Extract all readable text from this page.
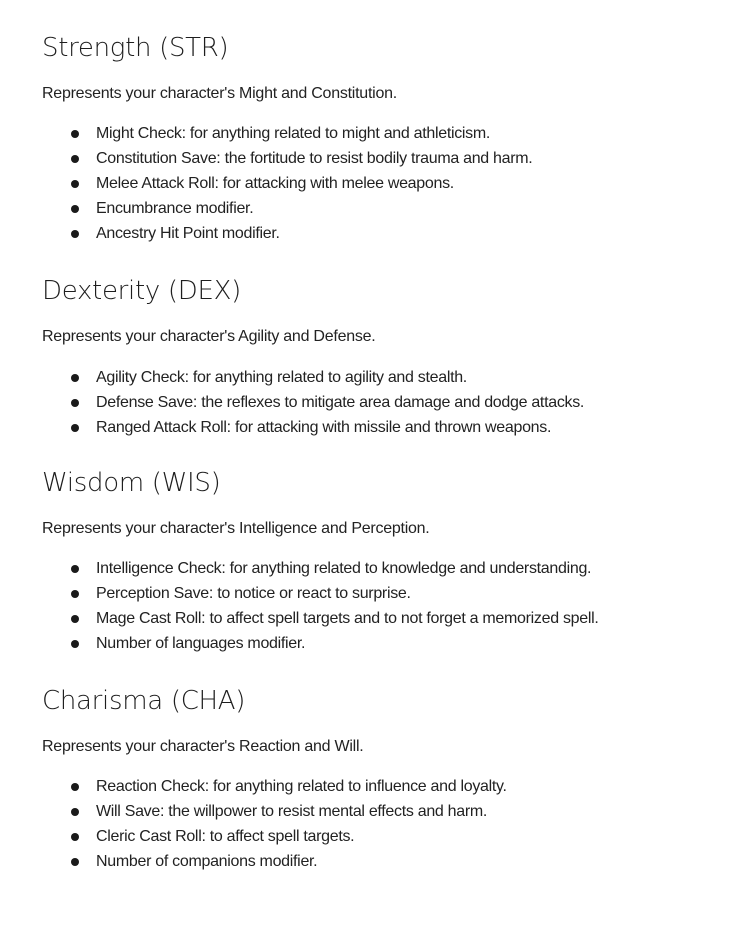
Strength (STR)

Represents your character's Might and Constitution.

Might Check: for anything related to might and athleticism.
Constitution Save: the fortitude to resist bodily trauma and harm.
Melee Attack Roll: for attacking with melee weapons.
Encumbrance modifier.
Ancestry Hit Point modifier.
Dexterity (DEX)

Represents your character's Agility and Defense.

Agility Check: for anything related to agility and stealth.
Defense Save: the reflexes to mitigate area damage and dodge attacks.
Ranged Attack Roll: for attacking with missile and thrown weapons.
Wisdom (WIS)

Represents your character's Intelligence and Perception.

Intelligence Check: for anything related to knowledge and understanding.
Perception Save: to notice or react to surprise.
Mage Cast Roll: to affect spell targets and to not forget a memorized spell.
Number of languages modifier.
Charisma (CHA)

Represents your character's Reaction and Will.

Reaction Check: for anything related to influence and loyalty.
Will Save: the willpower to resist mental effects and harm.
Cleric Cast Roll: to affect spell targets.
Number of companions modifier.
